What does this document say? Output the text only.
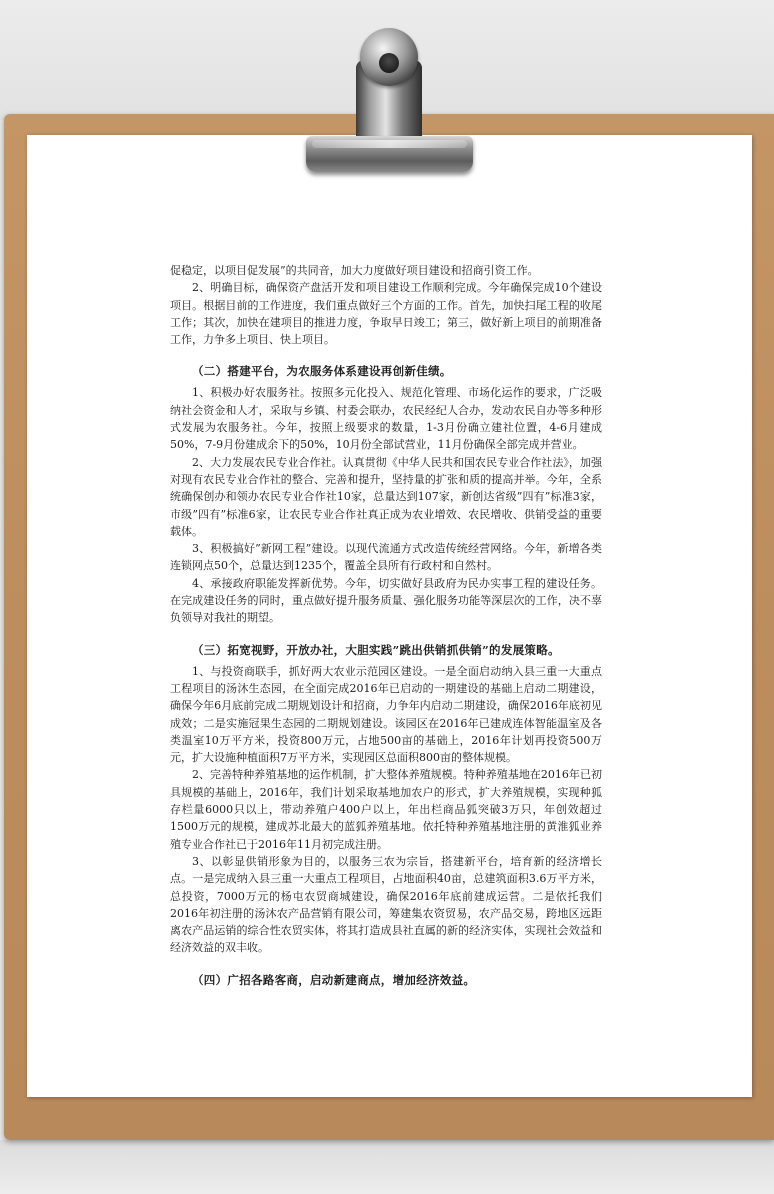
促稳定，以项目促发展”的共同音，加大力度做好项目建设和招商引资工作。

2、明确目标，确保资产盘活开发和项目建设工作顺利完成。今年确保完成10个建设项目。根据目前的工作进度，我们重点做好三个方面的工作。首先，加快扫尾工程的收尾工作；其次，加快在建项目的推进力度，争取早日竣工；第三，做好新上项目的前期准备工作，力争多上项目、快上项目。

（二）搭建平台，为农服务体系建设再创新佳绩。

1、积极办好农服务社。按照多元化投入、规范化管理、市场化运作的要求，广泛吸纳社会资金和人才，采取与乡镇、村委会联办，农民经纪人合办，发动农民自办等多种形式发展为农服务社。今年，按照上级要求的数量，1-3月份确立建社位置，4-6月建成50%，7-9月份建成余下的50%，10月份全部试营业，11月份确保全部完成并营业。

2、大力发展农民专业合作社。认真贯彻《中华人民共和国农民专业合作社法》，加强对现有农民专业合作社的整合、完善和提升，坚持量的扩张和质的提高并举。今年，全系统确保创办和领办农民专业合作社10家，总量达到107家，新创达省级”四有”标准3家，市级”四有”标准6家，让农民专业合作社真正成为农业增效、农民增收、供销受益的重要载体。

3、积极搞好”新网工程”建设。以现代流通方式改造传统经营网络。今年，新增各类连锁网点50个，总量达到1235个，覆盖全县所有行政村和自然村。

4、承接政府职能发挥新优势。今年，切实做好县政府为民办实事工程的建设任务。在完成建设任务的同时，重点做好提升服务质量、强化服务功能等深层次的工作，决不辜负领导对我社的期望。

（三）拓宽视野，开放办社，大胆实践”跳出供销抓供销”的发展策略。

1、与投资商联手，抓好两大农业示范园区建设。一是全面启动纳入县三重一大重点工程项目的汤沐生态园，在全面完成2016年已启动的一期建设的基础上启动二期建设，确保今年6月底前完成二期规划设计和招商，力争年内启动二期建设，确保2016年底初见成效；二是实施冠果生态园的二期规划建设。该园区在2016年已建成连体智能温室及各类温室10万平方米，投资800万元，占地500亩的基础上，2016年计划再投资500万元，扩大设施种植面积7万平方米，实现园区总面积800亩的整体规模。

2、完善特种养殖基地的运作机制，扩大整体养殖规模。特种养殖基地在2016年已初具规模的基础上，2016年，我们计划采取基地加农户的形式，扩大养殖规模，实现种狐存栏量6000只以上，带动养殖户400户以上，年出栏商品狐突破3万只，年创效超过1500万元的规模，建成苏北最大的蓝狐养殖基地。依托特种养殖基地注册的黄淮狐业养殖专业合作社已于2016年11月初完成注册。

3、以彰显供销形象为目的，以服务三农为宗旨，搭建新平台，培育新的经济增长点。一是完成纳入县三重一大重点工程项目，占地面积40亩，总建筑面积3.6万平方米，总投资，7000万元的杨屯农贸商城建设，确保2016年底前建成运营。二是依托我们2016年初注册的汤沐农产品营销有限公司，筹建集农资贸易，农产品交易，跨地区远距离农产品运销的综合性农贸实体，将其打造成县社直属的新的经济实体，实现社会效益和经济效益的双丰收。

（四）广招各路客商，启动新建商点，增加经济效益。
